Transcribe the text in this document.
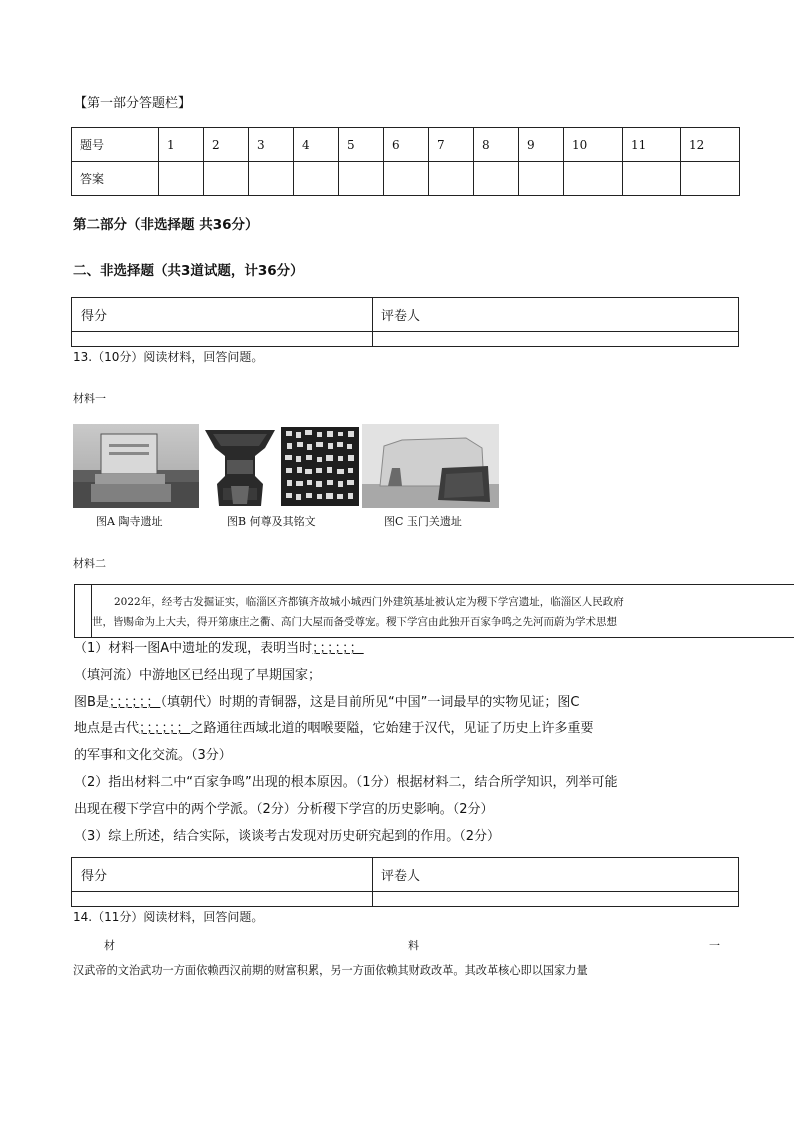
【第一部分答题栏】
题号	1	2	3	4	5	6	7	8	9	10	11	12
答案												
第二部分（非选择题 共36分）
二、非选择题（共3道试题，计36分）
得分	评卷人
13.（10分）阅读材料，回答问题。
材料一
图A 陶寺遗址	图B 何尊及其铭文	图C 玉门关遗址
材料二
2022年，经考古发掘证实，临淄区齐都镇齐故城小城西门外建筑基址被认定为稷下学宫遗址，临淄区人民政府
世，皆赐命为上大夫，得开第康庄之衢、高门大屋而备受尊宠。稷下学宫由此独开百家争鸣之先河而蔚为学术思想
（1）材料一图A中遗址的发现，表明当时；；；；；；
（填河流）中游地区已经出现了早期国家；
图B是；；；；；；（填朝代）时期的青铜器，这是目前所见“中国”一词最早的实物见证；图C
地点是古代；；；；；；之路通往西域北道的咽喉要隘，它始建于汉代，见证了历史上许多重要
的军事和文化交流。（3分）
（2）指出材料二中“百家争鸣”出现的根本原因。（1分）根据材料二，结合所学知识，列举可能
出现在稷下学宫中的两个学派。（2分）分析稷下学宫的历史影响。（2分）
（3）综上所述，结合实际，谈谈考古发现对历史研究起到的作用。（2分）
得分	评卷人
14.（11分）阅读材料，回答问题。
材	料	一
汉武帝的文治武功一方面依赖西汉前期的财富积累，另一方面依赖其财政改革。其改革核心即以国家力量
